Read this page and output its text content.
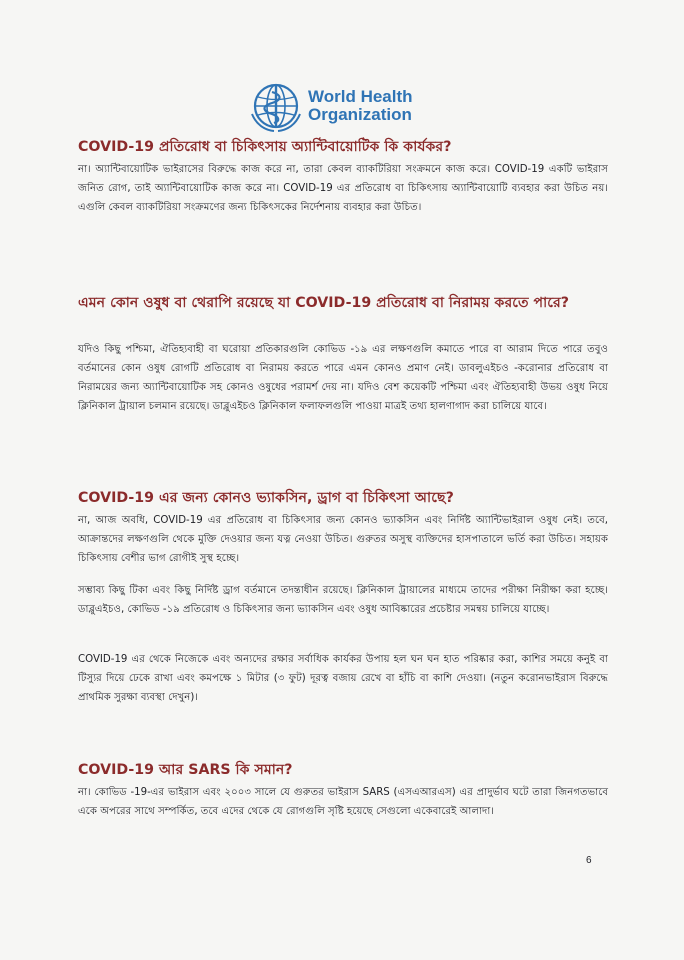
World Health
Organization
COVID-19 প্রতিরোধ বা চিকিৎসায় অ্যান্টিবায়োটিক কি কার্যকর?

না। অ্যান্টিবায়োটিক ভাইরাসের বিরুদ্ধে কাজ করে না, তারা কেবল ব্যাকটিরিয়া সংক্রমনে কাজ করে। COVID-19 একটি ভাইরাস জনিত রোগ, তাই অ্যান্টিবায়োটিক কাজ করে না। COVID-19 এর প্রতিরোধ বা চিকিৎসায় অ্যান্টিবায়োটি ব্যবহার করা উচিত নয়। এগুলি কেবল ব্যাকটিরিয়া সংক্রমণের জন্য চিকিৎসকের নির্দেশনায় ব্যবহার করা উচিত।

এমন কোন ওষুধ বা থেরাপি রয়েছে যা COVID-19 প্রতিরোধ বা নিরাময় করতে পারে?

যদিও কিছু পশ্চিমা, ঐতিহ্যবাহী বা ঘরোয়া প্রতিকারগুলি কোভিড -১৯ এর লক্ষণগুলি কমাতে পারে বা আরাম দিতে পারে তবুও বর্তমানের কোন ওষুধ রোগটি প্রতিরোধ বা নিরাময় করতে পারে এমন কোনও প্রমাণ নেই। ডাবলুএইচও -করোনার প্রতিরোধ বা নিরাময়ের জন্য অ্যান্টিবায়োটিক সহ কোনও ওষুধের পরামর্শ দেয় না। যদিও বেশ কয়েকটি পশ্চিমা এবং ঐতিহ্যবাহী উভয় ওষুধ নিয়ে ক্লিনিকাল ট্রায়াল চলমান রয়েছে। ডাব্লুএইচও ক্লিনিকাল ফলাফলগুলি পাওয়া মাত্রই তথ্য হালণাগাদ করা চালিয়ে যাবে।

COVID-19 এর জন্য কোনও ভ্যাকসিন, ড্রাগ বা চিকিৎসা আছে?

না, আজ অবধি, COVID-19 এর প্রতিরোধ বা চিকিৎসার জন্য কোনও ভ্যাকসিন এবং নির্দিষ্ট অ্যান্টিভাইরাল ওষুধ নেই। তবে, আক্রান্তদের লক্ষণগুলি থেকে মুক্তি দেওয়ার জন্য যত্ন নেওয়া উচিত। গুরুতর অসুস্থ ব্যক্তিদের হাসপাতালে ভর্তি করা উচিত। সহায়ক চিকিৎসায় বেশীর ভাগ রোগীই সুস্থ হচ্ছে।

সম্ভাব্য কিছু টিকা এবং কিছু নির্দিষ্ট ড্রাগ বর্তমানে তদন্তাধীন রয়েছে। ক্লিনিকাল ট্রায়ালের মাধ্যমে তাদের পরীক্ষা নিরীক্ষা করা হচ্ছে। ডাব্লুএইচও, কোভিড -১৯ প্রতিরোধ ও চিকিৎসার জন্য ভ্যাকসিন এবং ওষুধ আবিষ্কারের প্রচেষ্টার সমন্বয় চালিয়ে যাচ্ছে।

COVID-19 এর থেকে নিজেকে এবং অন্যদের রক্ষার সর্বাধিক কার্যকর উপায় হল ঘন ঘন হাত পরিষ্কার করা, কাশির সময়ে কনুই বা টিস্যুর দিয়ে ঢেকে রাখা এবং কমপক্ষে ১ মিটার (৩ ফুট) দূরত্ব বজায় রেখে বা হাঁচি বা কাশি দেওয়া। (নতুন করোনভাইরাস বিরুদ্ধে প্রাথমিক সুরক্ষা ব্যবস্থা দেখুন)।

COVID-19 আর SARS কি সমান?

না। কোভিড -19-এর ভাইরাস এবং ২০০৩ সালে যে গুরুতর ভাইরাস SARS (এসএআরএস) এর প্রাদুর্ভাব ঘটে তারা জিনগতভাবে একে অপরের সাথে সম্পর্কিত, তবে এদের থেকে যে রোগগুলি সৃষ্টি হয়েছে সেগুলো একেবারেই আলাদা।

6
